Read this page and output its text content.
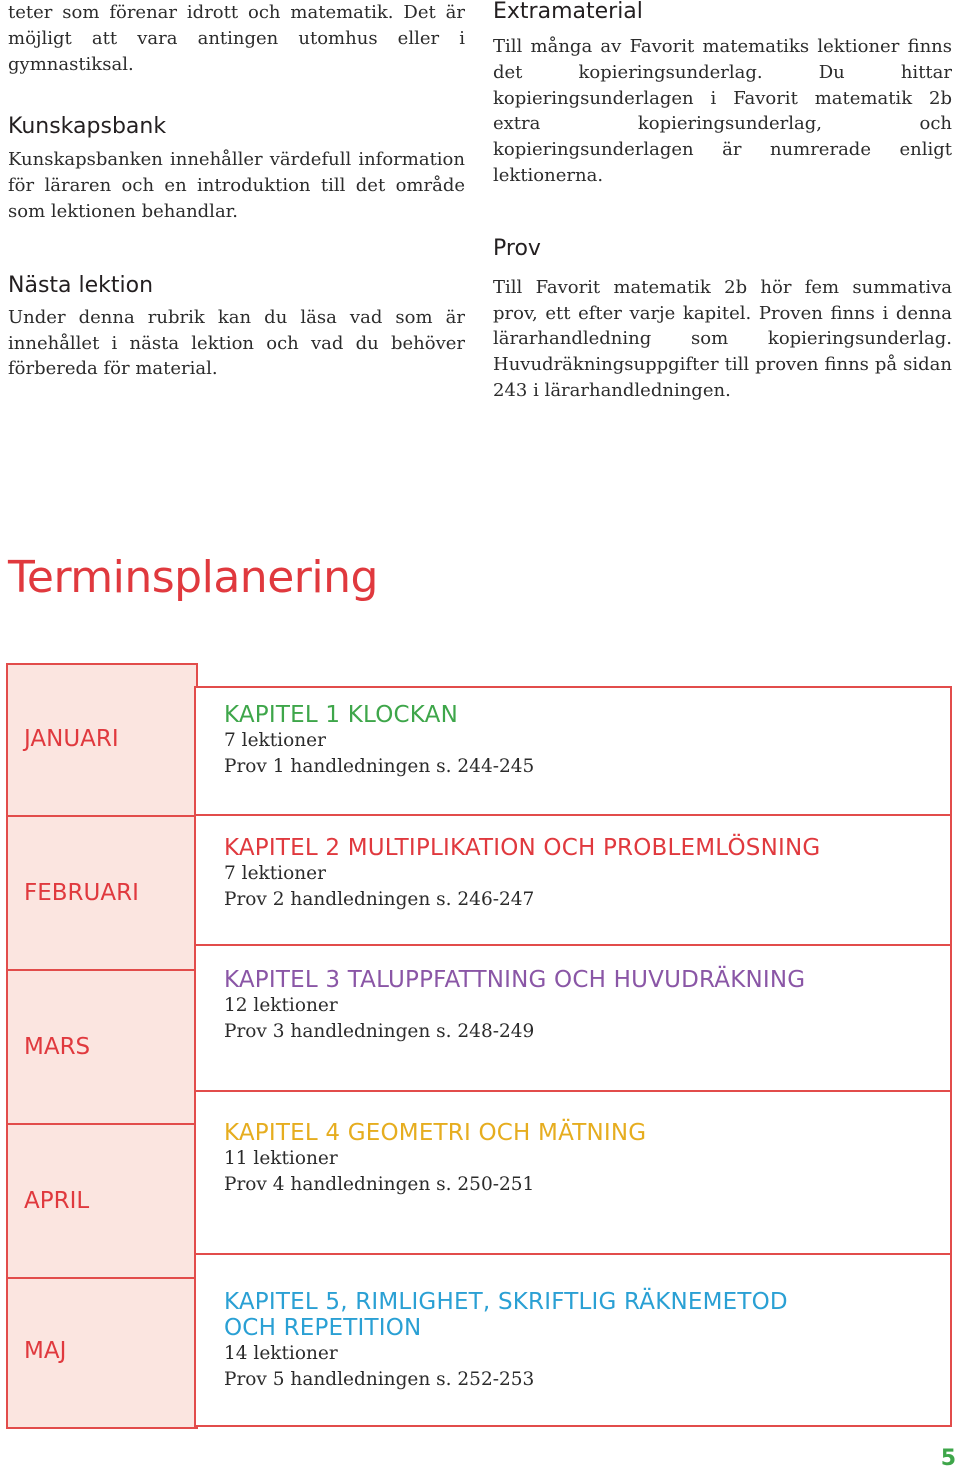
teter som förenar idrott och matematik. Det är möjligt att vara antingen utomhus eller i gymnastiksal.

Kunskapsbank

Kunskapsbanken innehåller värdefull information för läraren och en introduktion till det område som lektionen behandlar.

Nästa lektion

Under denna rubrik kan du läsa vad som är innehållet i nästa lektion och vad du behöver förbereda för material.

Extramaterial

Till många av Favorit matematiks lektioner finns det kopieringsunderlag. Du hittar kopieringsunderlagen i Favorit matematik 2b extra kopieringsunderlag, och kopieringsunderlagen är numrerade enligt lektionerna.

Prov

Till Favorit matematik 2b hör fem summativa prov, ett efter varje kapitel. Proven finns i denna lärarhandledning som kopieringsunderlag. Huvudräkningsuppgifter till proven finns på sidan 243 i lärarhandledningen.

Terminsplanering
JANUARI
FEBRUARI
MARS
APRIL
MAJ
KAPITEL 1 KLOCKAN
7 lektioner
Prov 1 handledningen s. 244-245
KAPITEL 2 MULTIPLIKATION OCH PROBLEMLÖSNING
7 lektioner
Prov 2 handledningen s. 246-247
KAPITEL 3 TALUPPFATTNING OCH HUVUDRÄKNING
12 lektioner
Prov 3 handledningen s. 248-249
KAPITEL 4 GEOMETRI OCH MÄTNING
11 lektioner
Prov 4 handledningen s. 250-251
KAPITEL 5, RIMLIGHET, SKRIFTLIG RÄKNEMETOD
OCH REPETITION
14 lektioner
Prov 5 handledningen s. 252-253
5
